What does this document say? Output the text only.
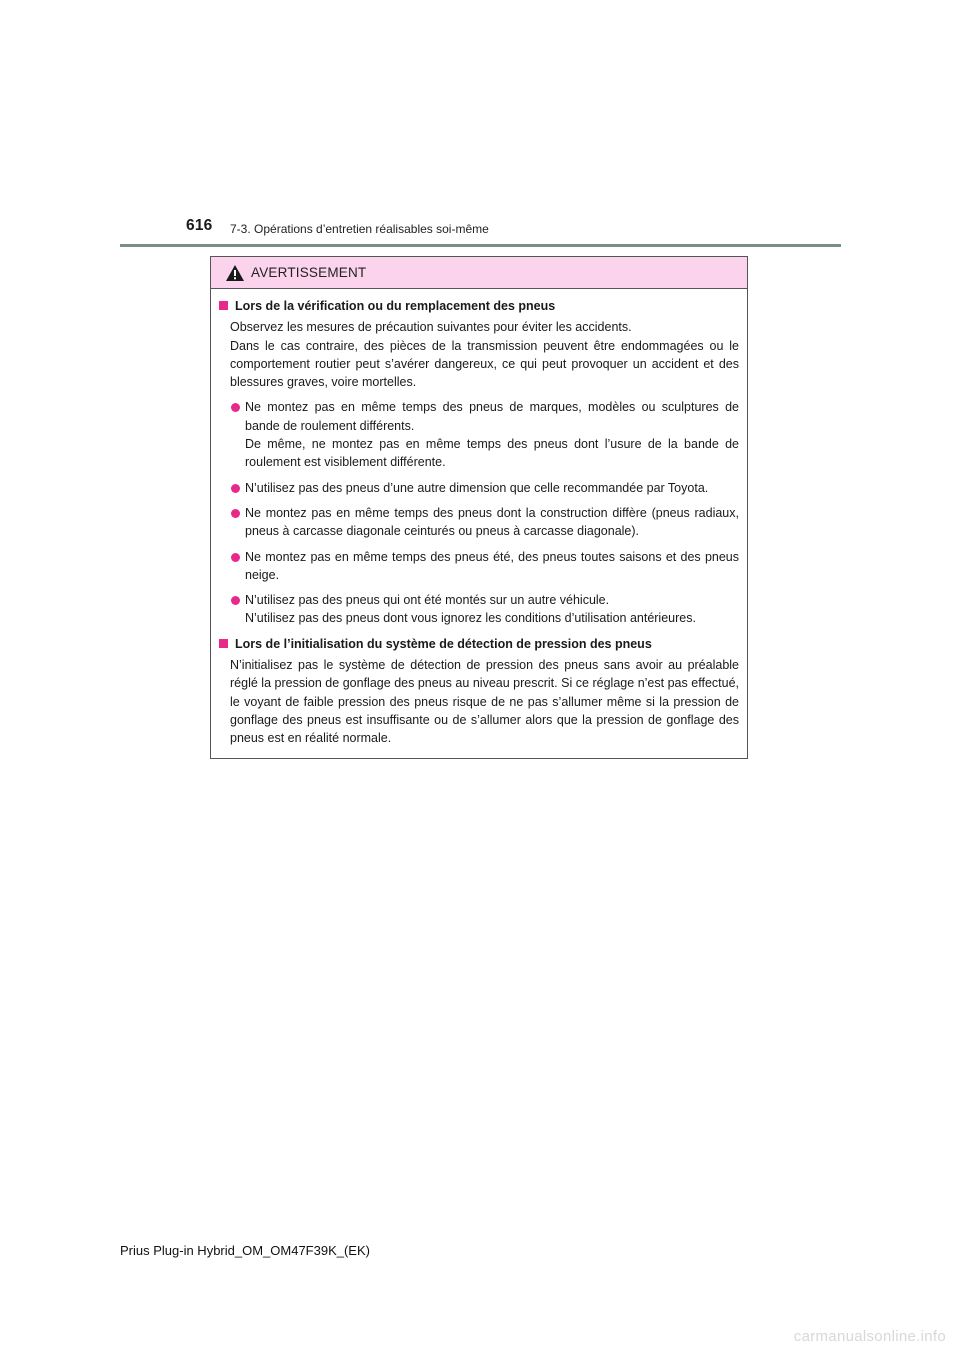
616 7-3. Opérations d’entretien réalisables soi-même
AVERTISSEMENT
Lors de la vérification ou du remplacement des pneus
Observez les mesures de précaution suivantes pour éviter les accidents.
Dans le cas contraire, des pièces de la transmission peuvent être endommagées ou le comportement routier peut s’avérer dangereux, ce qui peut provoquer un accident et des blessures graves, voire mortelles.
Ne montez pas en même temps des pneus de marques, modèles ou sculptures de bande de roulement différents.
De même, ne montez pas en même temps des pneus dont l’usure de la bande de roulement est visiblement différente.
N’utilisez pas des pneus d’une autre dimension que celle recommandée par Toyota.
Ne montez pas en même temps des pneus dont la construction diffère (pneus radiaux, pneus à carcasse diagonale ceinturés ou pneus à carcasse diagonale).
Ne montez pas en même temps des pneus été, des pneus toutes saisons et des pneus neige.
N’utilisez pas des pneus qui ont été montés sur un autre véhicule.
N’utilisez pas des pneus dont vous ignorez les conditions d’utilisation antérieures.
Lors de l’initialisation du système de détection de pression des pneus
N’initialisez pas le système de détection de pression des pneus sans avoir au préalable réglé la pression de gonflage des pneus au niveau prescrit. Si ce réglage n’est pas effectué, le voyant de faible pression des pneus risque de ne pas s’allumer même si la pression de gonflage des pneus est insuffisante ou de s’allumer alors que la pression de gonflage des pneus est en réalité normale.
Prius Plug-in Hybrid_OM_OM47F39K_(EK)
carmanualsonline.info
